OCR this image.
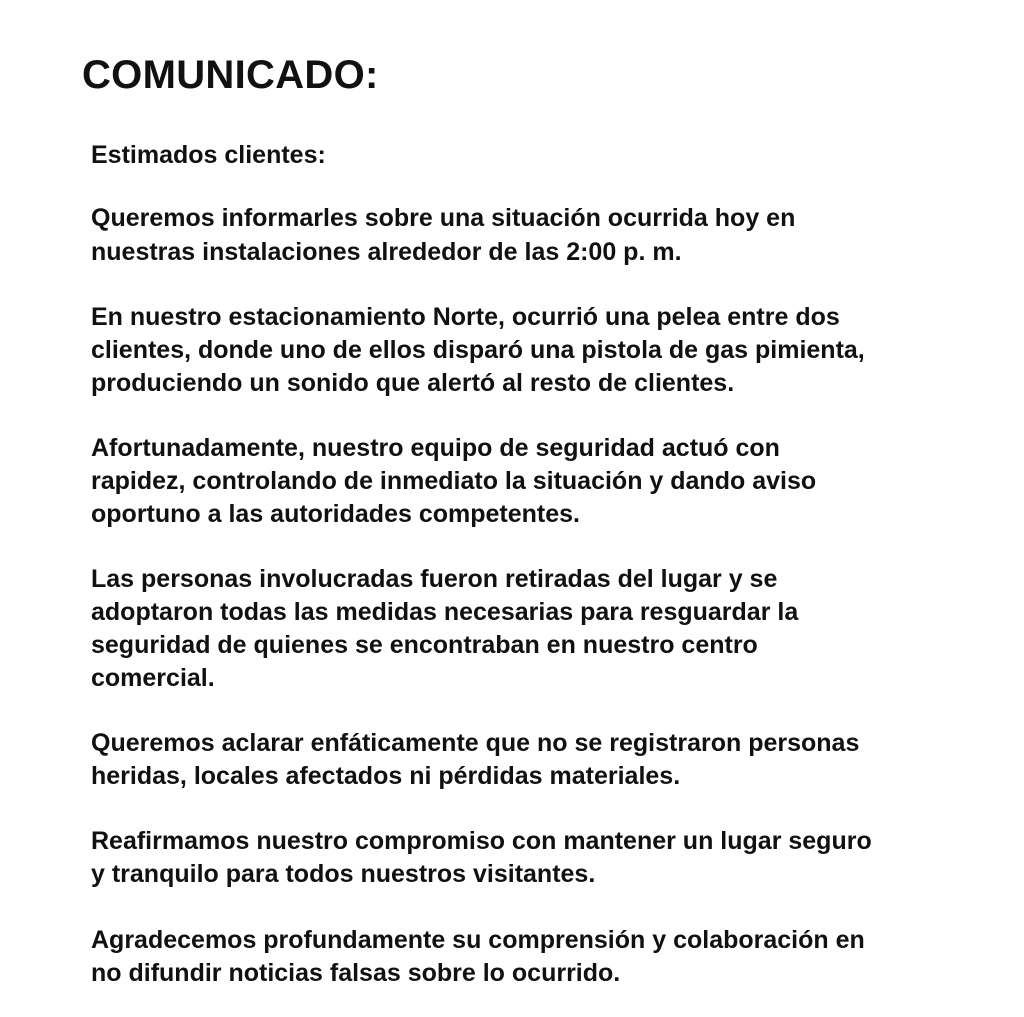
COMUNICADO:
Estimados clientes:
Queremos informarles sobre una situación ocurrida hoy en
nuestras instalaciones alrededor de las 2:00 p. m.
En nuestro estacionamiento Norte, ocurrió una pelea entre dos
clientes, donde uno de ellos disparó una pistola de gas pimienta,
produciendo un sonido que alertó al resto de clientes.
Afortunadamente, nuestro equipo de seguridad actuó con
rapidez, controlando de inmediato la situación y dando aviso
oportuno a las autoridades competentes.
Las personas involucradas fueron retiradas del lugar y se
adoptaron todas las medidas necesarias para resguardar la
seguridad de quienes se encontraban en nuestro centro
comercial.
Queremos aclarar enfáticamente que no se registraron personas
heridas, locales afectados ni pérdidas materiales.
Reafirmamos nuestro compromiso con mantener un lugar seguro
y tranquilo para todos nuestros visitantes.
Agradecemos profundamente su comprensión y colaboración en
no difundir noticias falsas sobre lo ocurrido.
